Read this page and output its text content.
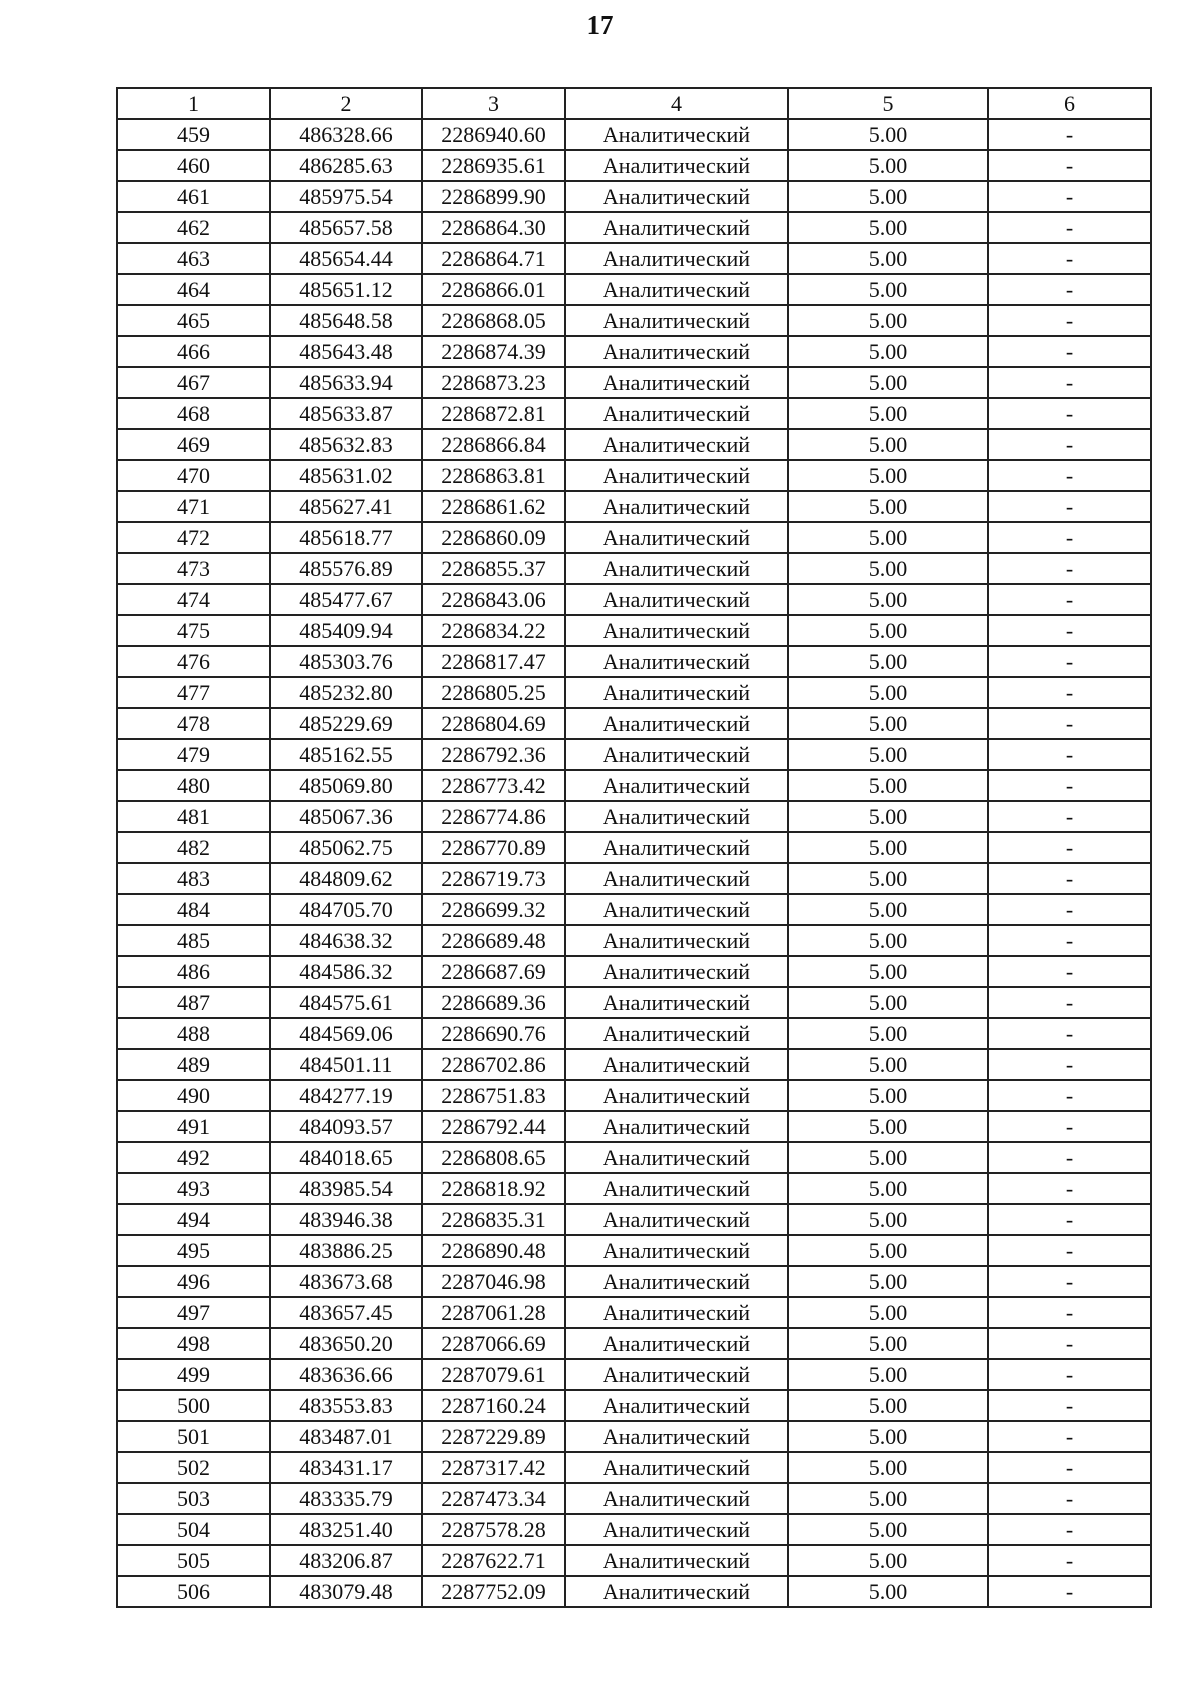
17
1	2	3	4	5	6
459	486328.66	2286940.60	Аналитический	5.00	-
460	486285.63	2286935.61	Аналитический	5.00	-
461	485975.54	2286899.90	Аналитический	5.00	-
462	485657.58	2286864.30	Аналитический	5.00	-
463	485654.44	2286864.71	Аналитический	5.00	-
464	485651.12	2286866.01	Аналитический	5.00	-
465	485648.58	2286868.05	Аналитический	5.00	-
466	485643.48	2286874.39	Аналитический	5.00	-
467	485633.94	2286873.23	Аналитический	5.00	-
468	485633.87	2286872.81	Аналитический	5.00	-
469	485632.83	2286866.84	Аналитический	5.00	-
470	485631.02	2286863.81	Аналитический	5.00	-
471	485627.41	2286861.62	Аналитический	5.00	-
472	485618.77	2286860.09	Аналитический	5.00	-
473	485576.89	2286855.37	Аналитический	5.00	-
474	485477.67	2286843.06	Аналитический	5.00	-
475	485409.94	2286834.22	Аналитический	5.00	-
476	485303.76	2286817.47	Аналитический	5.00	-
477	485232.80	2286805.25	Аналитический	5.00	-
478	485229.69	2286804.69	Аналитический	5.00	-
479	485162.55	2286792.36	Аналитический	5.00	-
480	485069.80	2286773.42	Аналитический	5.00	-
481	485067.36	2286774.86	Аналитический	5.00	-
482	485062.75	2286770.89	Аналитический	5.00	-
483	484809.62	2286719.73	Аналитический	5.00	-
484	484705.70	2286699.32	Аналитический	5.00	-
485	484638.32	2286689.48	Аналитический	5.00	-
486	484586.32	2286687.69	Аналитический	5.00	-
487	484575.61	2286689.36	Аналитический	5.00	-
488	484569.06	2286690.76	Аналитический	5.00	-
489	484501.11	2286702.86	Аналитический	5.00	-
490	484277.19	2286751.83	Аналитический	5.00	-
491	484093.57	2286792.44	Аналитический	5.00	-
492	484018.65	2286808.65	Аналитический	5.00	-
493	483985.54	2286818.92	Аналитический	5.00	-
494	483946.38	2286835.31	Аналитический	5.00	-
495	483886.25	2286890.48	Аналитический	5.00	-
496	483673.68	2287046.98	Аналитический	5.00	-
497	483657.45	2287061.28	Аналитический	5.00	-
498	483650.20	2287066.69	Аналитический	5.00	-
499	483636.66	2287079.61	Аналитический	5.00	-
500	483553.83	2287160.24	Аналитический	5.00	-
501	483487.01	2287229.89	Аналитический	5.00	-
502	483431.17	2287317.42	Аналитический	5.00	-
503	483335.79	2287473.34	Аналитический	5.00	-
504	483251.40	2287578.28	Аналитический	5.00	-
505	483206.87	2287622.71	Аналитический	5.00	-
506	483079.48	2287752.09	Аналитический	5.00	-
